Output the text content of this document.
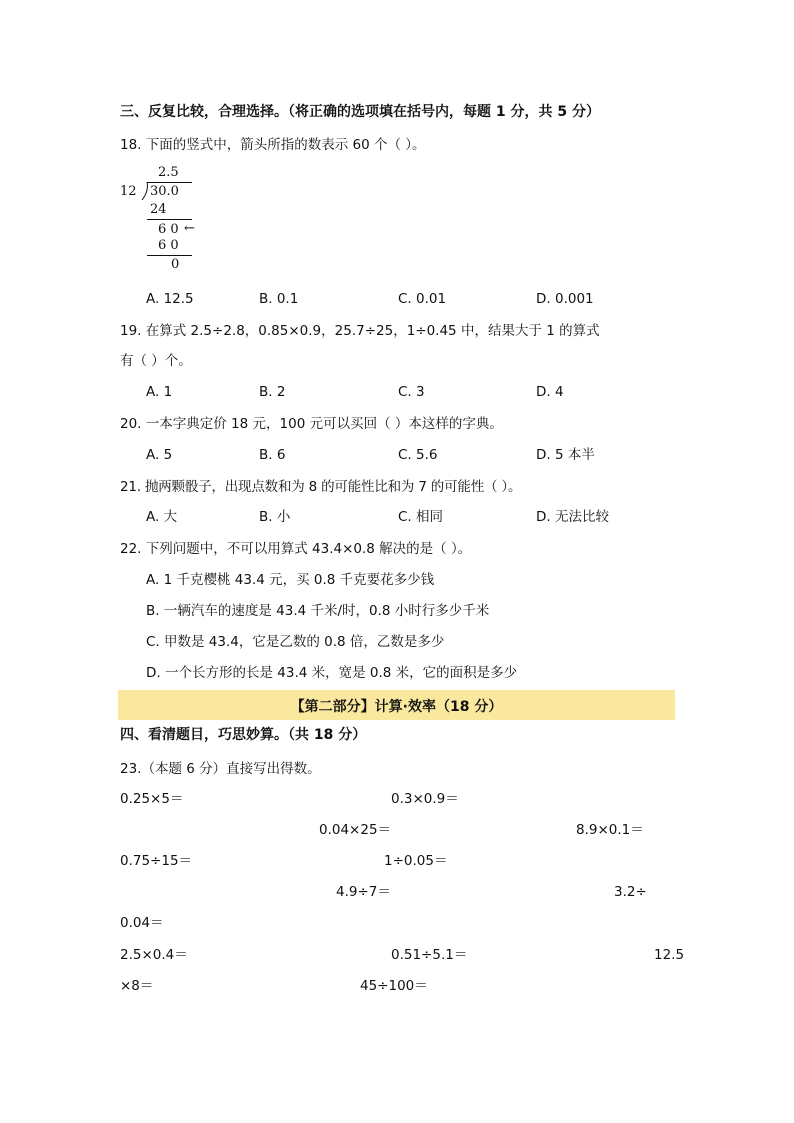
三、反复比较，合理选择。（将正确的选项填在括号内，每题 1 分，共 5 分）
18. 下面的竖式中，箭头所指的数表示 60 个（ ）。
2.5
12 30.0
24
6 0 ←
6 0
0
A. 12.5	B. 0.1	C. 0.01	D. 0.001
19. 在算式 2.5÷2.8，0.85×0.9，25.7÷25，1÷0.45 中，结果大于 1 的算式
有（ ）个。
A. 1	B. 2	C. 3	D. 4
20. 一本字典定价 18 元，100 元可以买回（ ）本这样的字典。
A. 5	B. 6	C. 5.6	D. 5 本半
21. 抛两颗骰子，出现点数和为 8 的可能性比和为 7 的可能性（ ）。
A. 大	B. 小	C. 相同	D. 无法比较
22. 下列问题中，不可以用算式 43.4×0.8 解决的是（ ）。
A. 1 千克樱桃 43.4 元，买 0.8 千克要花多少钱
B. 一辆汽车的速度是 43.4 千米/时，0.8 小时行多少千米
C. 甲数是 43.4，它是乙数的 0.8 倍，乙数是多少
D. 一个长方形的长是 43.4 米，宽是 0.8 米，它的面积是多少
【第二部分】计算·效率（18 分）
四、看清题目，巧思妙算。（共 18 分）
23.（本题 6 分）直接写出得数。
0.25×5＝	0.3×0.9＝
0.04×25＝	8.9×0.1＝
0.75÷15＝	1÷0.05＝
4.9÷7＝	3.2÷
0.04＝
2.5×0.4＝	0.51÷5.1＝	12.5
×8＝	45÷100＝
